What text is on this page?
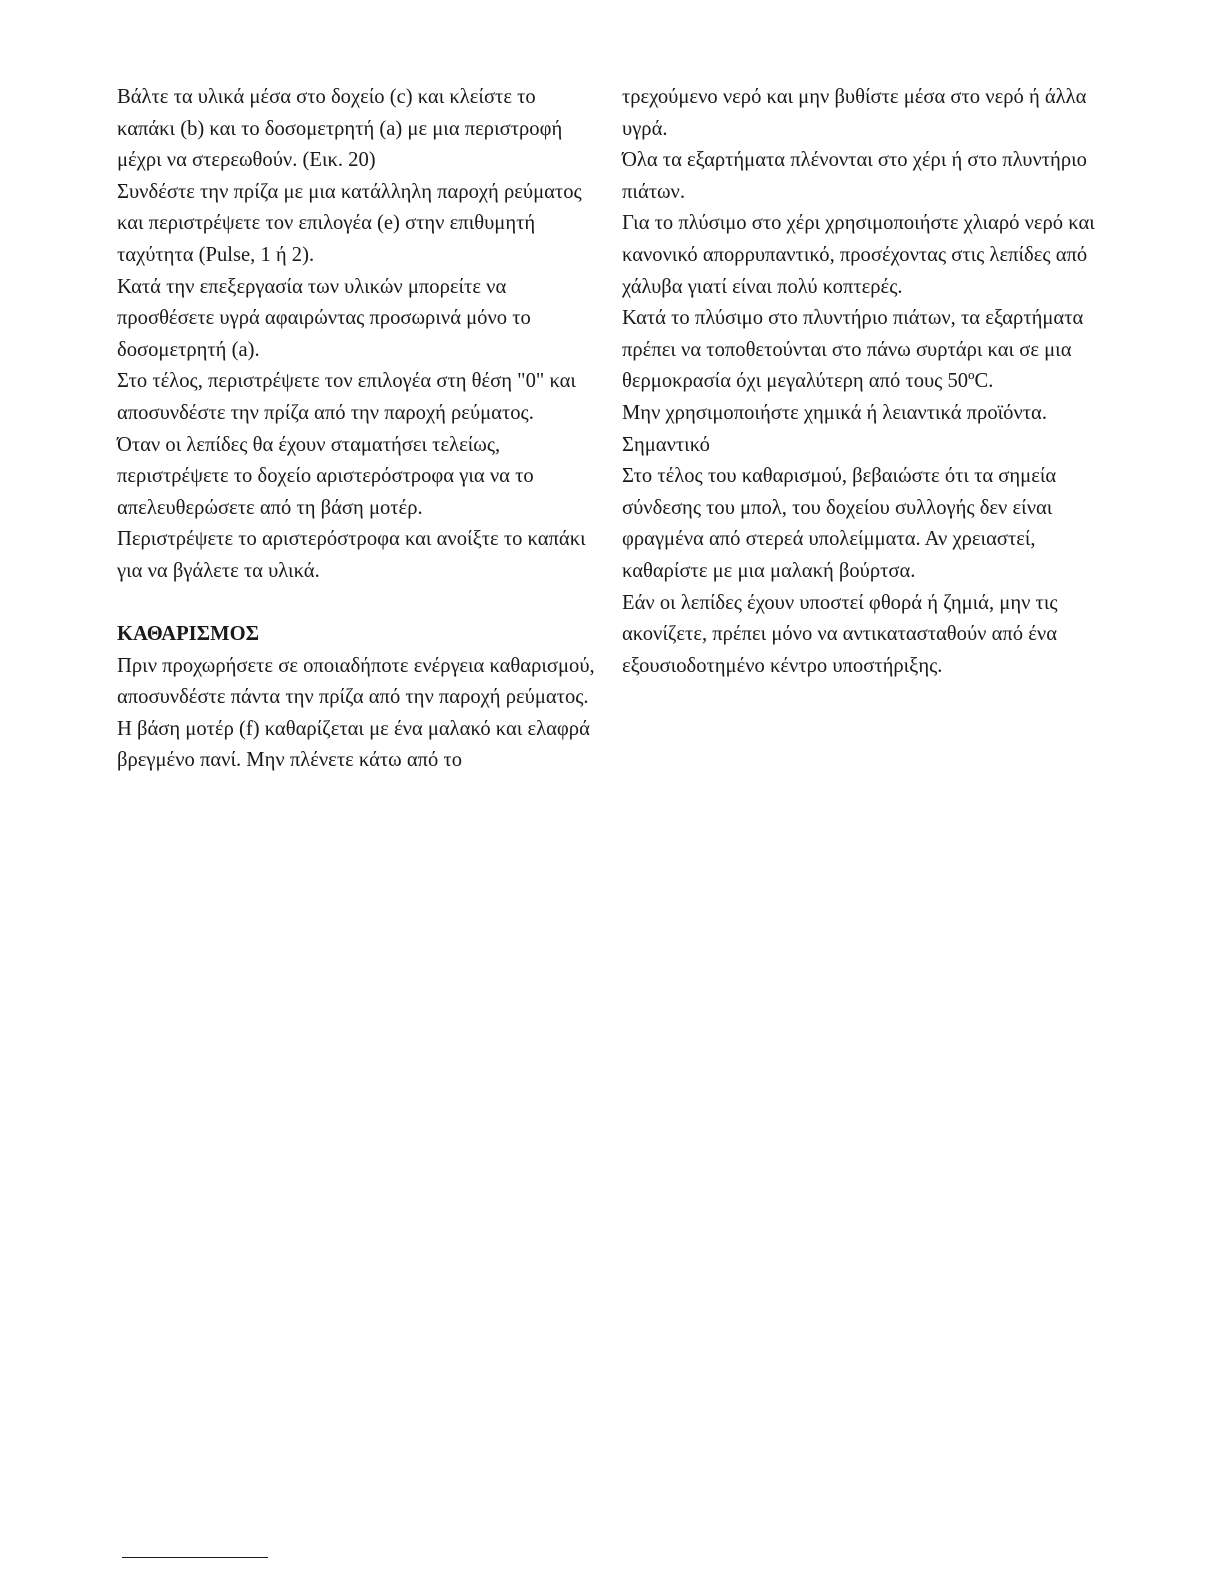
Βάλτε τα υλικά μέσα στο δοχείο (c) και κλείστε το καπάκι (b) και το δοσομετρητή (a) με μια περιστροφή μέχρι να στερεωθούν. (Εικ. 20)

Συνδέστε την πρίζα με μια κατάλληλη παροχή ρεύματος και περιστρέψετε τον επιλογέα (e) στην επιθυμητή ταχύτητα (Pulse, 1 ή 2).

Κατά την επεξεργασία των υλικών μπορείτε να προσθέσετε υγρά αφαιρώντας προσωρινά μόνο το δοσομετρητή (a).

Στο τέλος, περιστρέψετε τον επιλογέα στη θέση "0" και αποσυνδέστε την πρίζα από την παροχή ρεύματος.

Όταν οι λεπίδες θα έχουν σταματήσει τελείως, περιστρέψετε το δοχείο αριστερόστροφα για να το απελευθερώσετε από τη βάση μοτέρ.

Περιστρέψετε το αριστερόστροφα και ανοίξτε το καπάκι για να βγάλετε τα υλικά.

ΚΑΘΑΡΙΣΜΟΣ

Πριν προχωρήσετε σε οποιαδήποτε ενέργεια καθαρισμού, αποσυνδέστε πάντα την πρίζα από την παροχή ρεύματος.

Η βάση μοτέρ (f) καθαρίζεται με ένα μαλακό και ελαφρά βρεγμένο πανί. Μην πλένετε κάτω από το

τρεχούμενο νερό και μην βυθίστε μέσα στο νερό ή άλλα υγρά.

Όλα τα εξαρτήματα πλένονται στο χέρι ή στο πλυντήριο πιάτων.

Για το πλύσιμο στο χέρι χρησιμοποιήστε χλιαρό νερό και κανονικό απορρυπαντικό, προσέχοντας στις λεπίδες από χάλυβα γιατί είναι πολύ κοπτερές.

Κατά το πλύσιμο στο πλυντήριο πιάτων, τα εξαρτήματα πρέπει να τοποθετούνται στο πάνω συρτάρι και σε μια θερμοκρασία όχι μεγαλύτερη από τους 50ºC.

Μην χρησιμοποιήστε χημικά ή λειαντικά προϊόντα.

Σημαντικό

Στο τέλος του καθαρισμού, βεβαιώστε ότι τα σημεία σύνδεσης του μπολ, του δοχείου συλλογής δεν είναι φραγμένα από στερεά υπολείμματα. Αν χρειαστεί, καθαρίστε με μια μαλακή βούρτσα.

Εάν οι λεπίδες έχουν υποστεί φθορά ή ζημιά, μην τις ακονίζετε, πρέπει μόνο να αντικατασταθούν από ένα εξουσιοδοτημένο κέντρο υποστήριξης.
